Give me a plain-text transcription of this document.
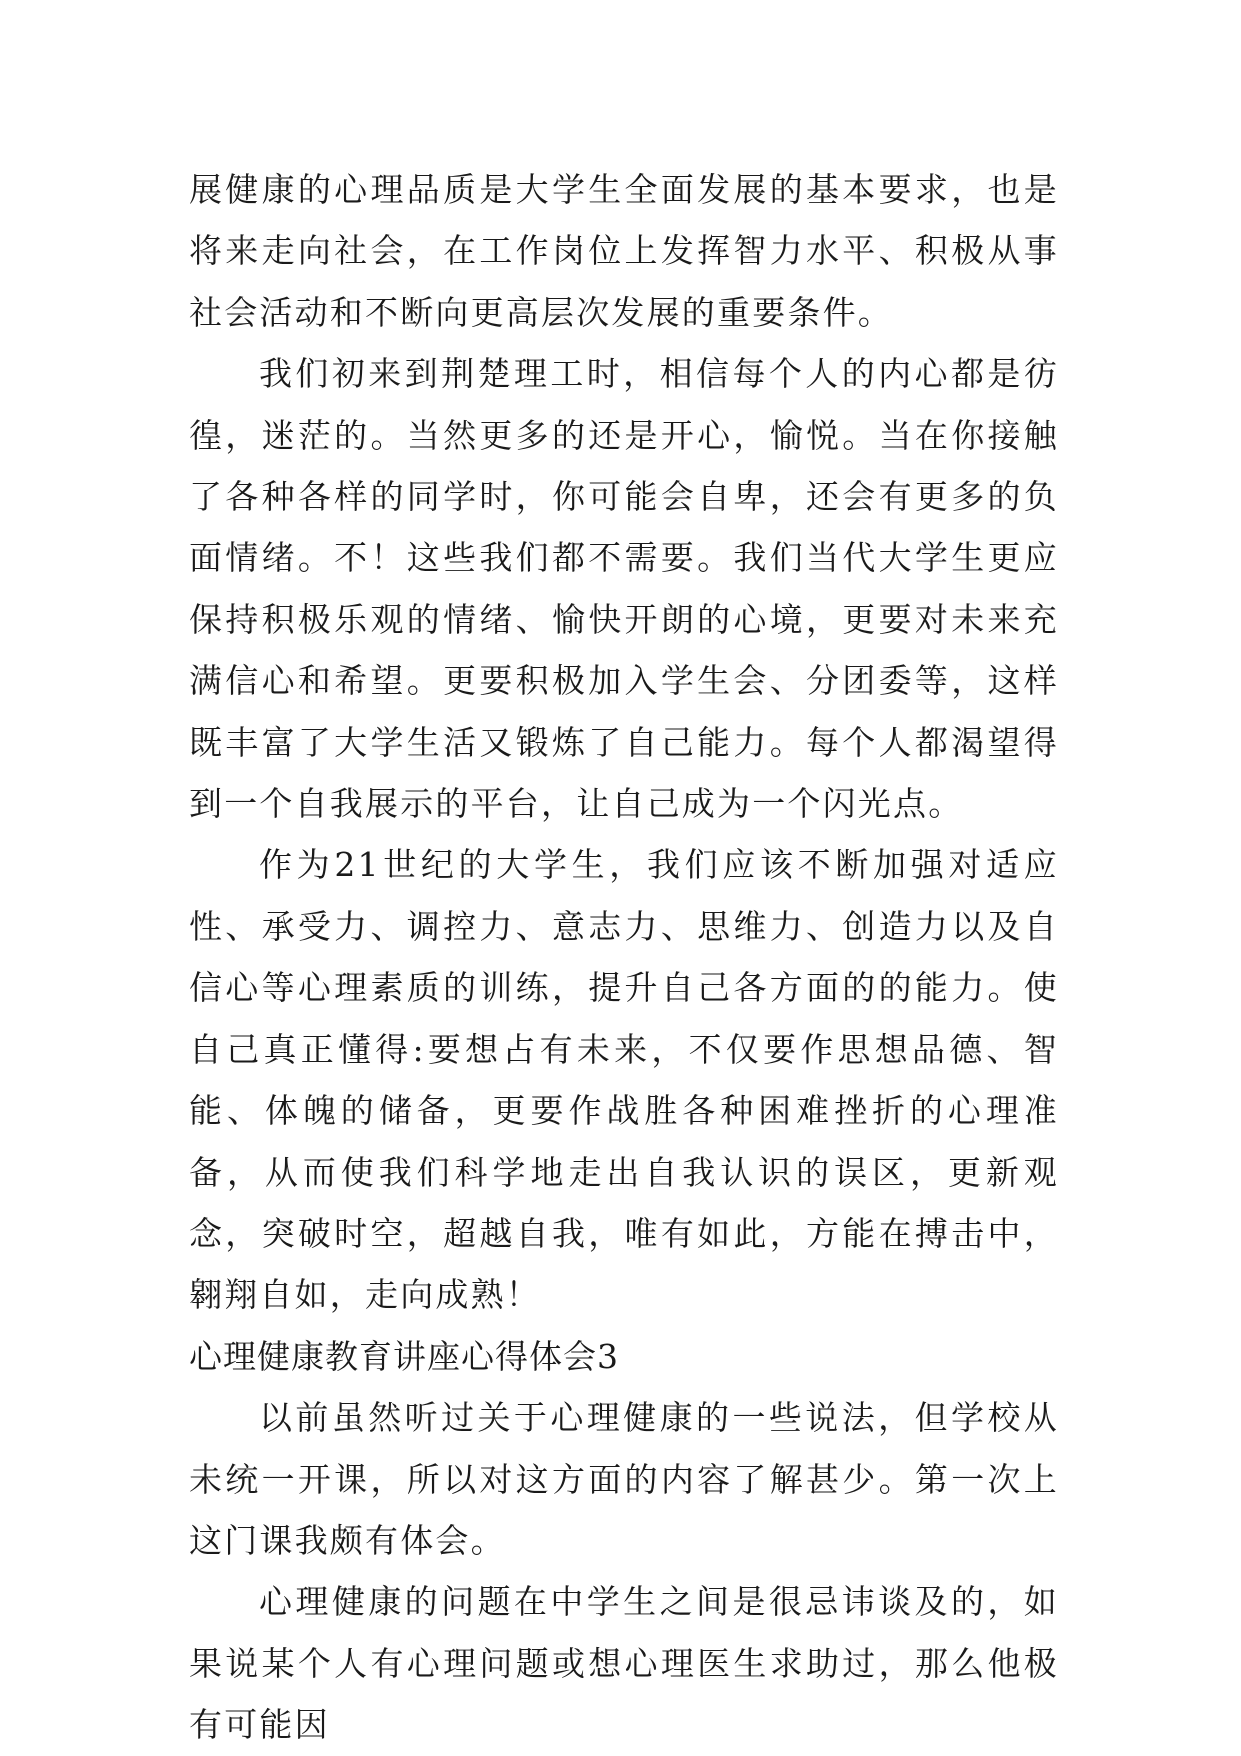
展健康的心理品质是大学生全面发展的基本要求，也是将来走向社会，在工作岗位上发挥智力水平、积极从事社会活动和不断向更高层次发展的重要条件。

我们初来到荆楚理工时，相信每个人的内心都是彷徨，迷茫的。当然更多的还是开心，愉悦。当在你接触了各种各样的同学时，你可能会自卑，还会有更多的负面情绪。不！这些我们都不需要。我们当代大学生更应保持积极乐观的情绪、愉快开朗的心境，更要对未来充满信心和希望。更要积极加入学生会、分团委等，这样既丰富了大学生活又锻炼了自己能力。每个人都渴望得到一个自我展示的平台，让自己成为一个闪光点。

作为21世纪的大学生，我们应该不断加强对适应性、承受力、调控力、意志力、思维力、创造力以及自信心等心理素质的训练，提升自己各方面的的能力。使自己真正懂得:要想占有未来，不仅要作思想品德、智能、体魄的储备，更要作战胜各种困难挫折的心理准备，从而使我们科学地走出自我认识的误区，更新观念，突破时空，超越自我，唯有如此，方能在搏击中，翱翔自如，走向成熟！

心理健康教育讲座心得体会3

以前虽然听过关于心理健康的一些说法，但学校从未统一开课，所以对这方面的内容了解甚少。第一次上这门课我颇有体会。

心理健康的问题在中学生之间是很忌讳谈及的，如果说某个人有心理问题或想心理医生求助过，那么他极有可能因
